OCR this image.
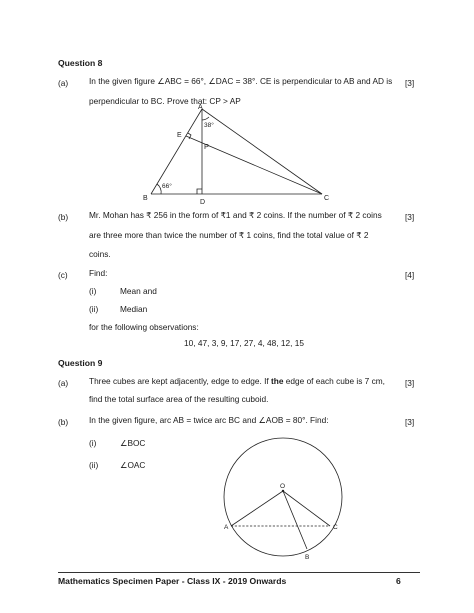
Question 8
(a)	In the given figure ∠ABC = 66°, ∠DAC = 38°. CE is perpendicular to AB and AD is
perpendicular to BC. Prove that: CP > AP
[3]
A
B	C
D
E
P
38°
66°
(b)	Mr. Mohan has ₹ 256 in the form of ₹1 and ₹ 2 coins. If the number of ₹ 2 coins
are three more than twice the number of ₹ 1 coins, find the total value of ₹ 2
coins.
[3]
(c)	Find:	[4]
(i)	Mean and
(ii)	Median
for the following observations:
10, 47, 3, 9, 17, 27, 4, 48, 12, 15
Question 9
(a)	Three cubes are kept adjacently, edge to edge. If the edge of each cube is 7 cm,
find the total surface area of the resulting cuboid.
[3]
(b)	In the given figure, arc AB = twice arc BC and ∠AOB = 80°. Find:	[3]
(i)	∠BOC
(ii)	∠OAC
O
A	C
B
Mathematics Specimen Paper - Class IX - 2019 Onwards	6
